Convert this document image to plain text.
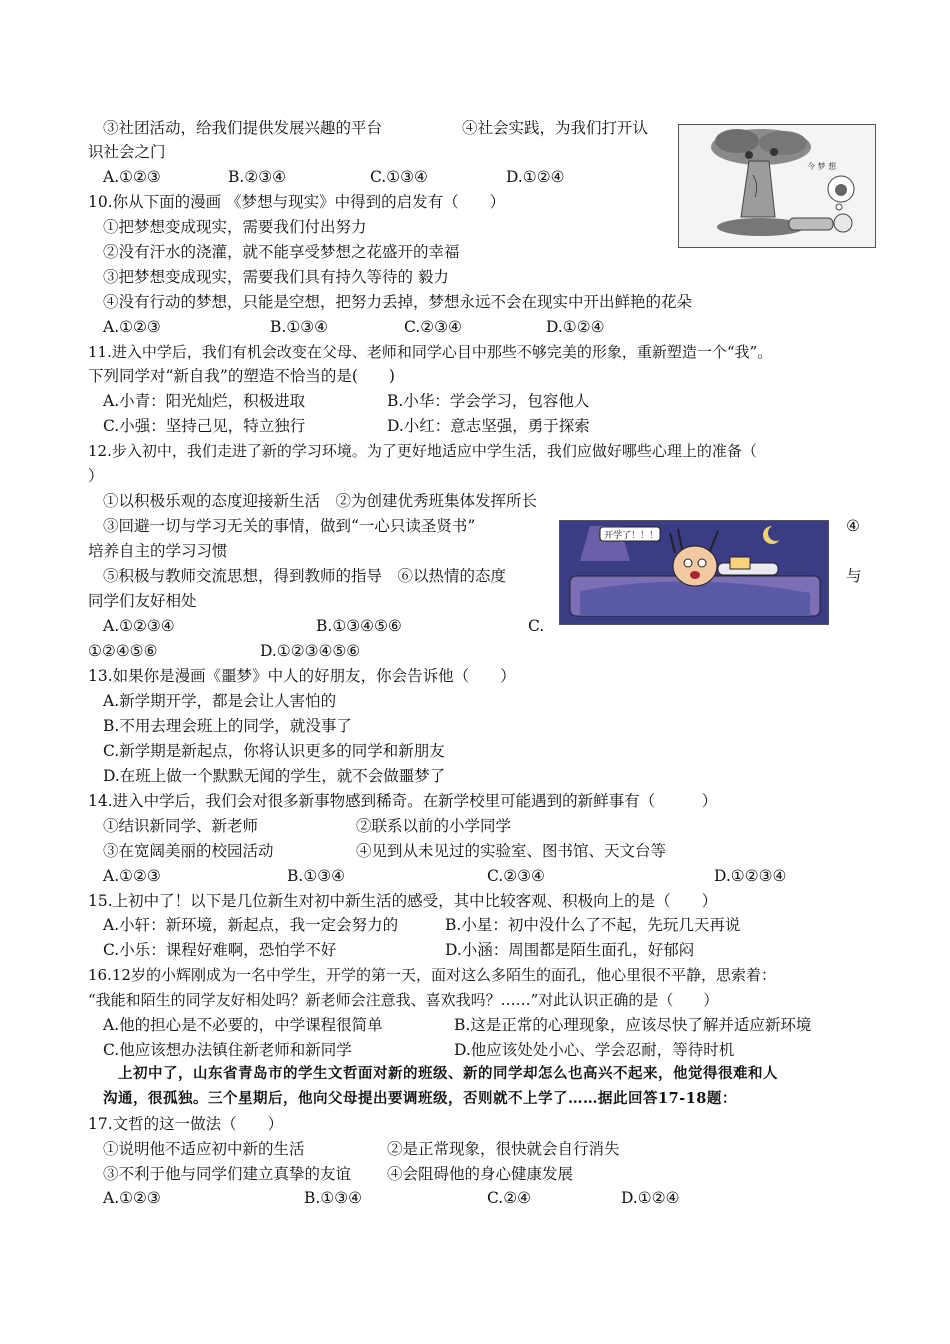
③社团活动，给我们提供发展兴趣的平台	④社会实践，为我们打开认
识社会之门
A.①②③	B.②③④	C.①③④	D.①②④
今 梦 想
10.你从下面的漫画 《梦想与现实》中得到的启发有（　　）
①把梦想变成现实，需要我们付出努力
②没有汗水的浇灌，就不能享受梦想之花盛开的幸福
③把梦想变成现实，需要我们具有持久等待的 毅力
④没有行动的梦想，只能是空想，把努力丢掉，梦想永远不会在现实中开出鲜艳的花朵
A.①②③	B.①③④	C.②③④	D.①②④
11.进入中学后，我们有机会改变在父母、老师和同学心目中那些不够完美的形象，重新塑造一个“我”。
下列同学对“新自我”的塑造不恰当的是(　　)
A.小青：阳光灿烂，积极进取	B.小华：学会学习，包容他人
C.小强：坚持己见，特立独行	D.小红：意志坚强，勇于探索
12.步入初中，我们走进了新的学习环境。为了更好地适应中学生活，我们应做好哪些心理上的准备（
）
①以积极乐观的态度迎接新生活　②为创建优秀班集体发挥所长
③回避一切与学习无关的事情，做到“一心只读圣贤书”	④
培养自主的学习习惯
⑤积极与教师交流思想，得到教师的指导　⑥以热情的态度	与
同学们友好相处
A.①②③④	B.①③④⑤⑥	C.
①②④⑤⑥	D.①②③④⑤⑥
开学了！！！
13.如果你是漫画《噩梦》中人的好朋友，你会告诉他（　　）
A.新学期开学，都是会让人害怕的
B.不用去理会班上的同学，就没事了
C.新学期是新起点，你将认识更多的同学和新朋友
D.在班上做一个默默无闻的学生，就不会做噩梦了
14.进入中学后，我们会对很多新事物感到稀奇。在新学校里可能遇到的新鲜事有（　　　）
①结识新同学、新老师	②联系以前的小学同学
③在宽阔美丽的校园活动	④见到从未见过的实验室、图书馆、天文台等
A.①②③	B.①③④	C.②③④	D.①②③④
15.上初中了！以下是几位新生对初中新生活的感受，其中比较客观、积极向上的是（　　）
A.小轩：新环境，新起点，我一定会努力的	B.小星：初中没什么了不起，先玩几天再说
C.小乐：课程好难啊，恐怕学不好	D.小涵：周围都是陌生面孔，好郁闷
16.12岁的小辉刚成为一名中学生，开学的第一天，面对这么多陌生的面孔，他心里很不平静，思索着：
“我能和陌生的同学友好相处吗？新老师会注意我、喜欢我吗？……”对此认识正确的是（　　）
A.他的担心是不必要的，中学课程很简单	B.这是正常的心理现象，应该尽快了解并适应新环境
C.他应该想办法镇住新老师和新同学	D.他应该处处小心、学会忍耐，等待时机
上初中了，山东省青岛市的学生文哲面对新的班级、新的同学却怎么也高兴不起来，他觉得很难和人
沟通，很孤独。三个星期后，他向父母提出要调班级，否则就不上学了……据此回答17-18题：
17.文哲的这一做法（　　）
①说明他不适应初中新的生活	②是正常现象，很快就会自行消失
③不利于他与同学们建立真挚的友谊 ④会阻碍他的身心健康发展
A.①②③	B.①③④	C.②④	D.①②④
